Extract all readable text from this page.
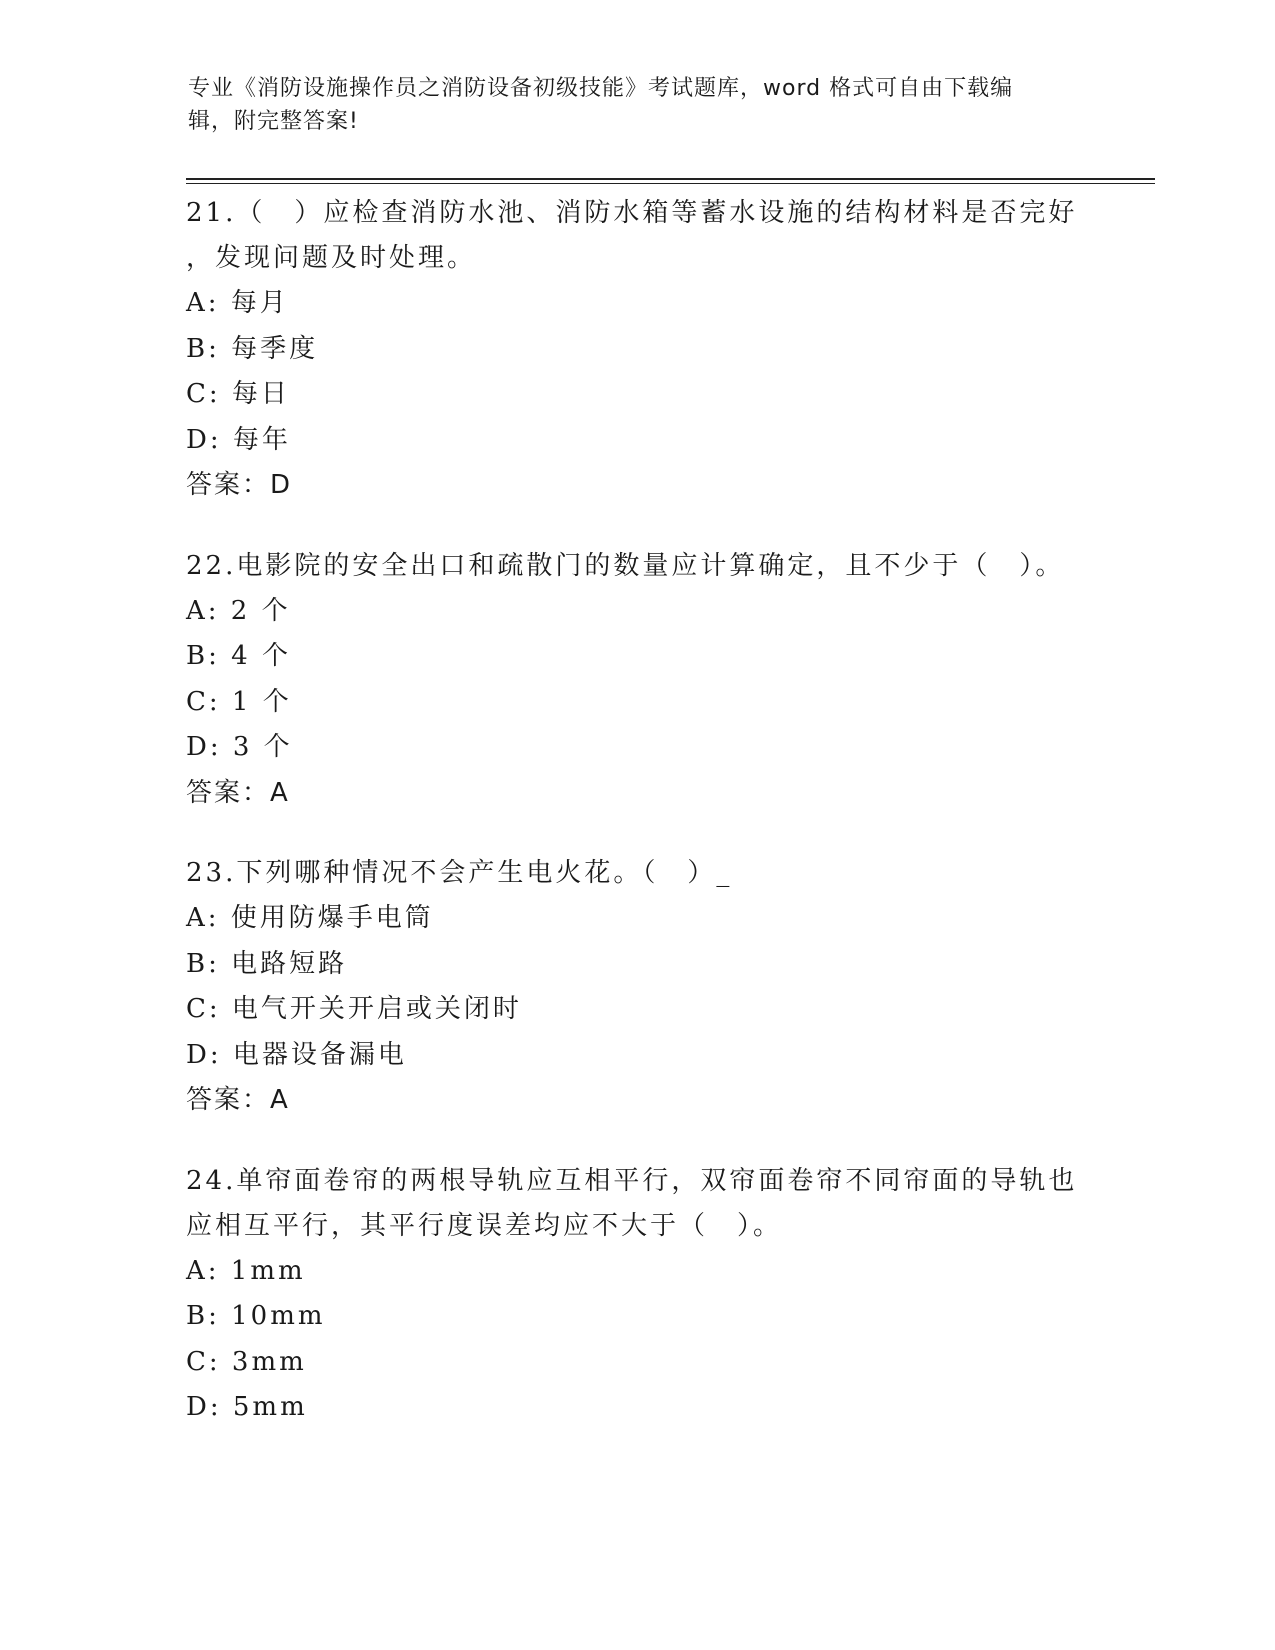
专业《消防设施操作员之消防设备初级技能》考试题库，word 格式可自由下载编
辑，附完整答案!
21.（　）应检查消防水池、消防水箱等蓄水设施的结构材料是否完好
，发现问题及时处理。
A: 每月
B: 每季度
C: 每日
D: 每年
答案：D
22.电影院的安全出口和疏散门的数量应计算确定，且不少于（　）。
A: 2 个
B: 4 个
C: 1 个
D: 3 个
答案：A
23.下列哪种情况不会产生电火花。（　）_
A: 使用防爆手电筒
B: 电路短路
C: 电气开关开启或关闭时
D: 电器设备漏电
答案：A
24.单帘面卷帘的两根导轨应互相平行，双帘面卷帘不同帘面的导轨也
应相互平行，其平行度误差均应不大于（　）。
A: 1mm
B: 10mm
C: 3mm
D: 5mm
